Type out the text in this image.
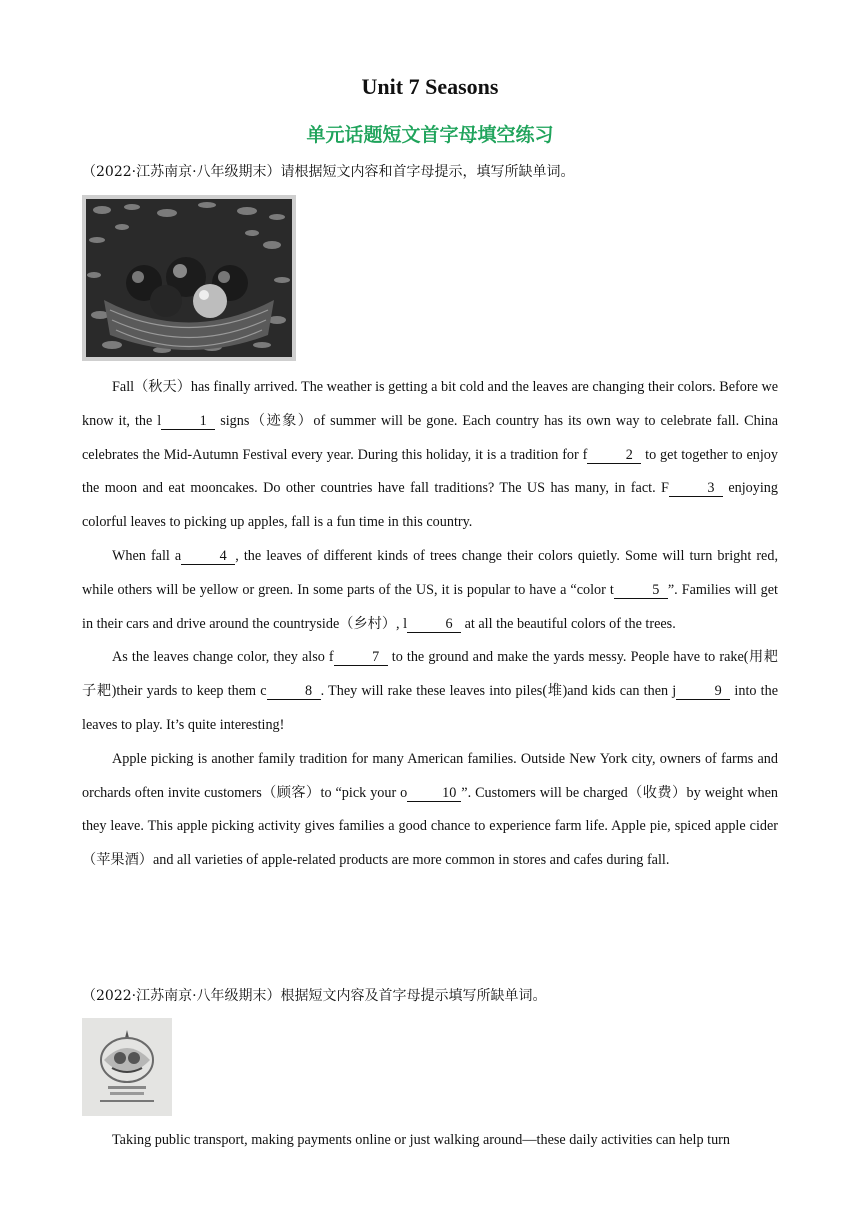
Unit 7 Seasons
单元话题短文首字母填空练习
（2022·江苏南京·八年级期末）请根据短文内容和首字母提示，填写所缺单词。

Fall（秋天）has finally arrived. The weather is getting a bit cold and the leaves are changing their colors. Before we know it, the l	1 signs（迹象）of summer will be gone. Each country has its own way to celebrate fall. China celebrates the Mid-Autumn Festival every year. During this holiday, it is a tradition for f	2 to get together to enjoy the moon and eat mooncakes. Do other countries have fall traditions? The US has many, in fact. F	3 enjoying colorful leaves to picking up apples, fall is a fun time in this country.

When fall a	4 , the leaves of different kinds of trees change their colors quietly. Some will turn bright red, while others will be yellow or green. In some parts of the US, it is popular to have a “color t	5 ”. Families will get in their cars and drive around the countryside（乡村）, l	6 at all the beautiful colors of the trees.

As the leaves change color, they also f	7 to the ground and make the yards messy. People have to rake(用耙子耙)their yards to keep them c	8 . They will rake these leaves into piles(堆)and kids can then j	9 into the leaves to play. It’s quite interesting!

Apple picking is another family tradition for many American families. Outside New York city, owners of farms and orchards often invite customers（顾客）to “pick your o 10 ”. Customers will be charged（收费）by weight when they leave. This apple picking activity gives families a good chance to experience farm life. Apple pie, spiced apple cider（苹果酒）and all varieties of apple-related products are more common in stores and cafes during fall.

（2022·江苏南京·八年级期末）根据短文内容及首字母提示填写所缺单词。

Taking public transport, making payments online or just walking around—these daily activities can help turn
